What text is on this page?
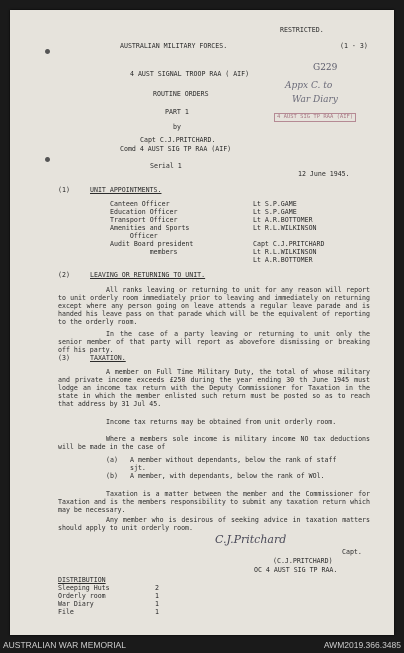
RESTRICTED.
AUSTRALIAN MILITARY FORCES.	(1 - 3)
4 AUST SIGNAL TROOP RAA ( AIF)
ROUTINE ORDERS
PART 1
by
Capt C.J.PRITCHARD.
Comd 4 AUST SIG TP RAA (AIF)
Serial 1
12 June 1945.
G229
Appx C. to
War Diary
4 AUST SIG TP RAA (AIF)
(1)	UNIT APPOINTMENTS.
Canteen Officer	Lt S.P.GAME
Education Officer	Lt S.P.GAME
Transport Officer	Lt A.R.BOTTOMER
Amenities and Sports	Lt R.L.WILKINSON
Officer
Audit Board president	Capt C.J.PRITCHARD
members	Lt R.L.WILKINSON
Lt A.R.BOTTOMER
(2)	LEAVING OR RETURNING TO UNIT.
All ranks leaving or returning to unit for any reason will report to unit orderly room immediately prior to leaving and immediately on returning except where any person going on leave attends a regular leave parade and is handed his leave pass on that parade which will be the equivalent of reporting to the orderly room.
In the case of a party leaving or returning to unit only the senior member of that party will report as abovefore dismissing or breaking off his party.
(3)	TAXATION.
A member on Full Time Military Duty, the total of whose military and private income exceeds £250 during the year ending 30 th June 1945 must lodge an income tax return with the Deputy Commissioner for Taxation in the state in which the member enlisted such return must be posted so as to reach that address by 31 Jul 45.
Income tax returns may be obtained from unit orderly room.
Where a members sole income is military income NO tax deductions will be made in the case of
(a) A member without dependants, below the rank of staff
sjt.
(b) A member, with dependants, below the rank of WOl.
Taxation is a matter between the member and the Commissioner for Taxation and is the members responsibility to submit any taxation return which may be necessary.
Any member who is desirous of seeking advice in taxation matters should apply to unit orderly room.
C.J.Pritchard
Capt.
(C.J.PRITCHARD)
OC 4 AUST SIG TP RAA.
DISTRIBUTION
Sleeping Huts	2
Orderly room	1
War Diary	1
File	1
AUSTRALIAN WAR MEMORIAL	AWM2019.366.3485
